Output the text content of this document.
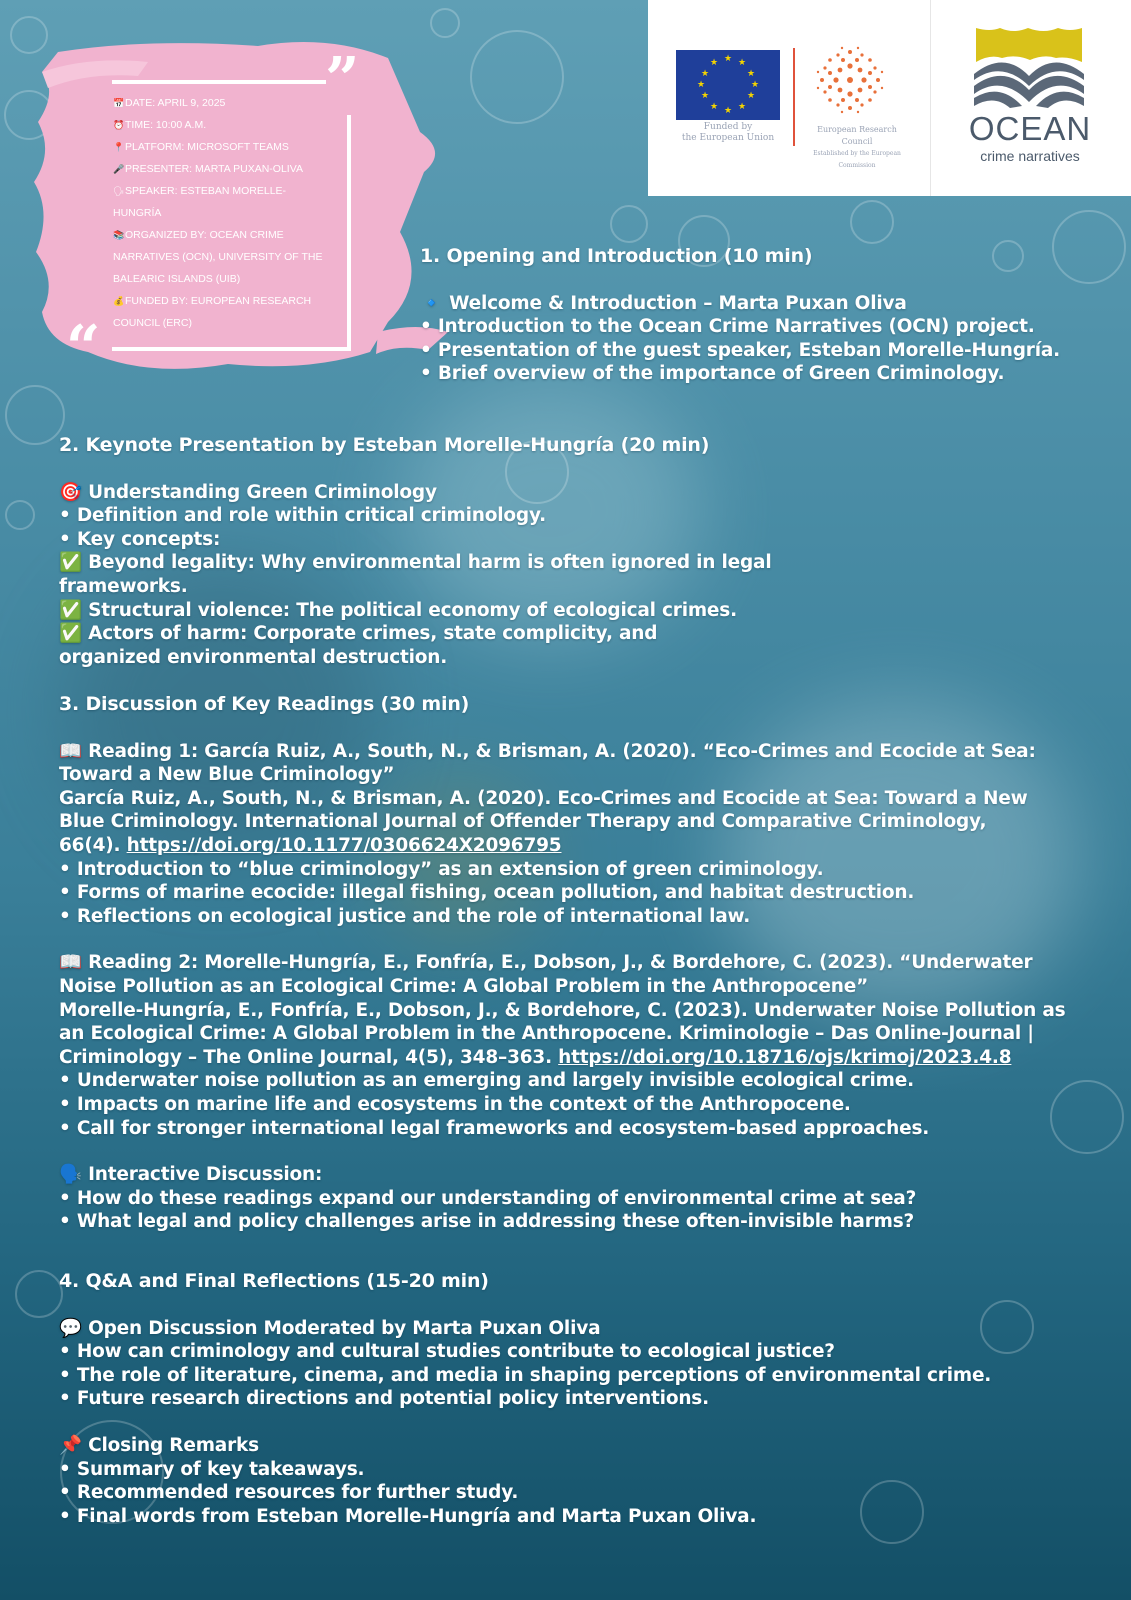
★ ★
★
★
★
★
★
★
★
★
★
★
Funded by
the European Union
European Research Council
Established by the European Commission
OCEAN
crime narratives
”
“
📅DATE: APRIL 9, 2025
⏰TIME: 10:00 A.M.
📍PLATFORM: MICROSOFT TEAMS
🎤PRESENTER: MARTA PUXAN-OLIVA
🗣SPEAKER: ESTEBAN MORELLE-HUNGRÍA
📚ORGANIZED BY: OCEAN CRIME NARRATIVES (OCN), UNIVERSITY OF THE BALEARIC ISLANDS (UIB)
💰FUNDED BY: EUROPEAN RESEARCH COUNCIL (ERC)

1. Opening and Introduction (10 min)

🔹 Welcome & Introduction – Marta Puxan Oliva

• Introduction to the Ocean Crime Narratives (OCN) project.

• Presentation of the guest speaker, Esteban Morelle-Hungría.

• Brief overview of the importance of Green Criminology.

2. Keynote Presentation by Esteban Morelle-Hungría (20 min)

🎯 Understanding Green Criminology

• Definition and role within critical criminology.

• Key concepts:

✅ Beyond legality: Why environmental harm is often ignored in legal

frameworks.

✅ Structural violence: The political economy of ecological crimes.

✅ Actors of harm: Corporate crimes, state complicity, and

organized environmental destruction.

3. Discussion of Key Readings (30 min)

📖 Reading 1: García Ruiz, A., South, N., & Brisman, A. (2020). “Eco-Crimes and Ecocide at Sea:

Toward a New Blue Criminology”

García Ruiz, A., South, N., & Brisman, A. (2020). Eco-Crimes and Ecocide at Sea: Toward a New

Blue Criminology. International Journal of Offender Therapy and Comparative Criminology,

66(4). https://doi.org/10.1177/0306624X2096795

• Introduction to “blue criminology” as an extension of green criminology.

• Forms of marine ecocide: illegal fishing, ocean pollution, and habitat destruction.

• Reflections on ecological justice and the role of international law.

📖 Reading 2: Morelle-Hungría, E., Fonfría, E., Dobson, J., & Bordehore, C. (2023). “Underwater

Noise Pollution as an Ecological Crime: A Global Problem in the Anthropocene”

Morelle-Hungría, E., Fonfría, E., Dobson, J., & Bordehore, C. (2023). Underwater Noise Pollution as

an Ecological Crime: A Global Problem in the Anthropocene. Kriminologie – Das Online-Journal |

Criminology – The Online Journal, 4(5), 348–363. https://doi.org/10.18716/ojs/krimoj/2023.4.8

• Underwater noise pollution as an emerging and largely invisible ecological crime.

• Impacts on marine life and ecosystems in the context of the Anthropocene.

• Call for stronger international legal frameworks and ecosystem-based approaches.

🗣️ Interactive Discussion:

• How do these readings expand our understanding of environmental crime at sea?

• What legal and policy challenges arise in addressing these often-invisible harms?

4. Q&A and Final Reflections (15-20 min)

💬 Open Discussion Moderated by Marta Puxan Oliva

• How can criminology and cultural studies contribute to ecological justice?

• The role of literature, cinema, and media in shaping perceptions of environmental crime.

• Future research directions and potential policy interventions.

📌 Closing Remarks

• Summary of key takeaways.

• Recommended resources for further study.

• Final words from Esteban Morelle-Hungría and Marta Puxan Oliva.
